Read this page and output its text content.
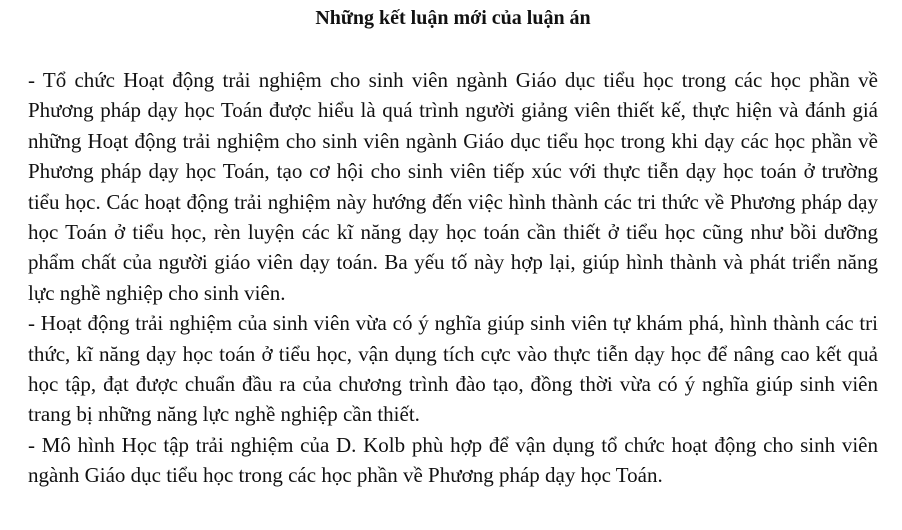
Những kết luận mới của luận án

- Tổ chức Hoạt động trải nghiệm cho sinh viên ngành Giáo dục tiểu học trong các học phần về Phương pháp dạy học Toán được hiểu là quá trình người giảng viên thiết kế, thực hiện và đánh giá những Hoạt động trải nghiệm cho sinh viên ngành Giáo dục tiểu học trong khi dạy các học phần về Phương pháp dạy học Toán, tạo cơ hội cho sinh viên tiếp xúc với thực tiễn dạy học toán ở trường tiểu học. Các hoạt động trải nghiệm này hướng đến việc hình thành các tri thức về Phương pháp dạy học Toán ở tiểu học, rèn luyện các kĩ năng dạy học toán cần thiết ở tiểu học cũng như bồi dưỡng phẩm chất của người giáo viên dạy toán. Ba yếu tố này hợp lại, giúp hình thành và phát triển năng lực nghề nghiệp cho sinh viên.

- Hoạt động trải nghiệm của sinh viên vừa có ý nghĩa giúp sinh viên tự khám phá, hình thành các tri thức, kĩ năng dạy học toán ở tiểu học, vận dụng tích cực vào thực tiễn dạy học để nâng cao kết quả học tập, đạt được chuẩn đầu ra của chương trình đào tạo, đồng thời vừa có ý nghĩa giúp sinh viên trang bị những năng lực nghề nghiệp cần thiết.

- Mô hình Học tập trải nghiệm của D. Kolb phù hợp để vận dụng tổ chức hoạt động cho sinh viên ngành Giáo dục tiểu học trong các học phần về Phương pháp dạy học Toán.
